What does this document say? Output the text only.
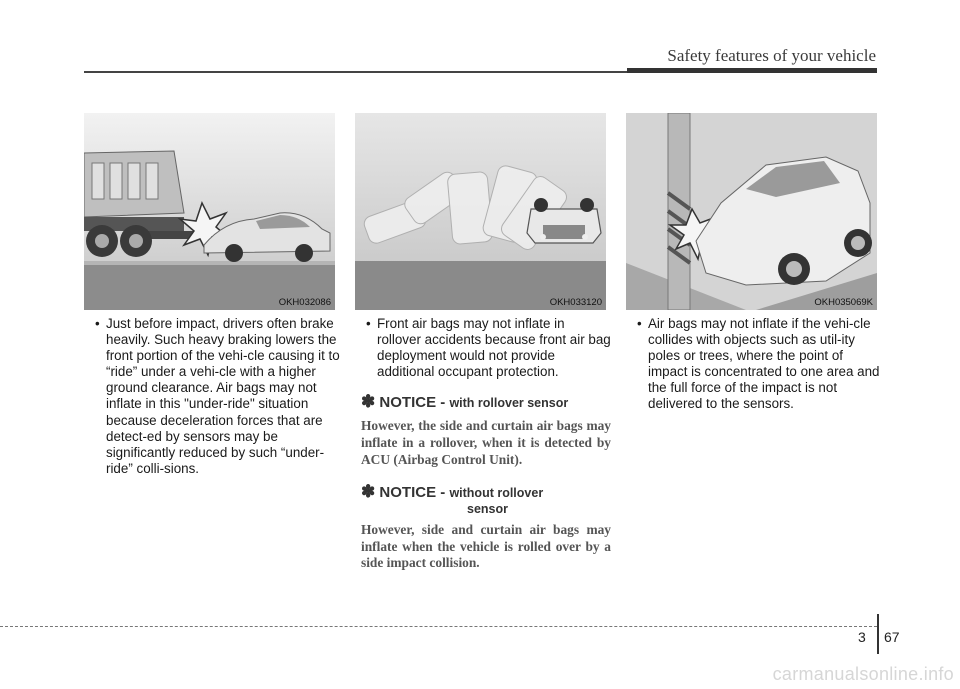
Safety features of your vehicle
OKH032086	OKH033120	OKH035069K

• Just before impact, drivers often brake heavily. Such heavy braking lowers the front portion of the vehi-cle causing it to “ride” under a vehi-cle with a higher ground clearance. Air bags may not inflate in this "under-ride" situation because deceleration forces that are detect-ed by sensors may be significantly reduced by such “under-ride” colli-sions.

• Front air bags may not inflate in rollover accidents because front air bag deployment would not provide additional occupant protection.

✽ NOTICE - with rollover sensor

However, the side and curtain air bags may inflate in a rollover, when it is detected by ACU (Airbag Control Unit).

✽ NOTICE - without rollover
sensor

However, side and curtain air bags may inflate when the vehicle is rolled over by a side impact collision.

• Air bags may not inflate if the vehi-cle collides with objects such as util-ity poles or trees, where the point of impact is concentrated to one area and the full force of the impact is not delivered to the sensors.

3 67
carmanualsonline.info
